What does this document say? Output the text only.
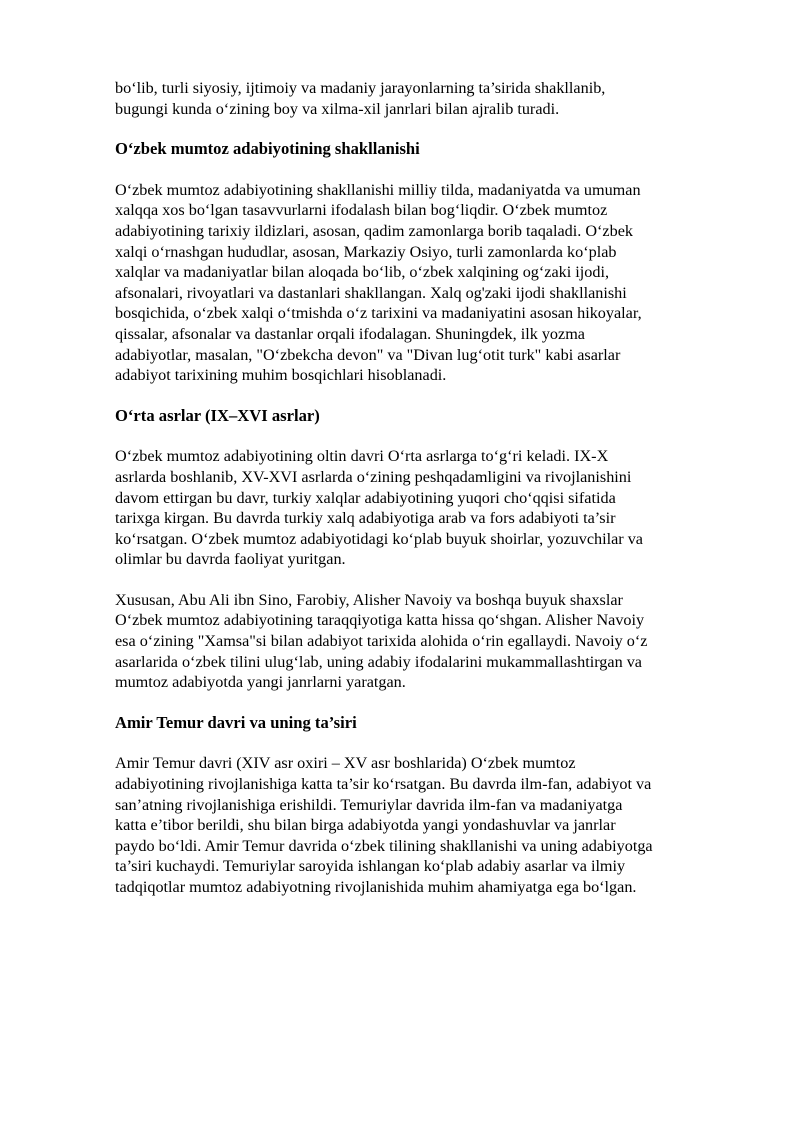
bo‘lib, turli siyosiy, ijtimoiy va madaniy jarayonlarning ta’sirida shakllanib,
bugungi kunda o‘zining boy va xilma-xil janrlari bilan ajralib turadi.

O‘zbek mumtoz adabiyotining shakllanishi

O‘zbek mumtoz adabiyotining shakllanishi milliy tilda, madaniyatda va umuman
xalqqa xos bo‘lgan tasavvurlarni ifodalash bilan bog‘liqdir. O‘zbek mumtoz
adabiyotining tarixiy ildizlari, asosan, qadim zamonlarga borib taqaladi. O‘zbek
xalqi o‘rnashgan hududlar, asosan, Markaziy Osiyo, turli zamonlarda ko‘plab
xalqlar va madaniyatlar bilan aloqada bo‘lib, o‘zbek xalqining og‘zaki ijodi,
afsonalari, rivoyatlari va dastanlari shakllangan. Xalq og'zaki ijodi shakllanishi
bosqichida, o‘zbek xalqi o‘tmishda o‘z tarixini va madaniyatini asosan hikoyalar,
qissalar, afsonalar va dastanlar orqali ifodalagan. Shuningdek, ilk yozma
adabiyotlar, masalan, "O‘zbekcha devon" va "Divan lug‘otit turk" kabi asarlar
adabiyot tarixining muhim bosqichlari hisoblanadi.

O‘rta asrlar (IX–XVI asrlar)

O‘zbek mumtoz adabiyotining oltin davri O‘rta asrlarga to‘g‘ri keladi. IX-X
asrlarda boshlanib, XV-XVI asrlarda o‘zining peshqadamligini va rivojlanishini
davom ettirgan bu davr, turkiy xalqlar adabiyotining yuqori cho‘qqisi sifatida
tarixga kirgan. Bu davrda turkiy xalq adabiyotiga arab va fors adabiyoti ta’sir
ko‘rsatgan. O‘zbek mumtoz adabiyotidagi ko‘plab buyuk shoirlar, yozuvchilar va
olimlar bu davrda faoliyat yuritgan.

Xususan, Abu Ali ibn Sino, Farobiy, Alisher Navoiy va boshqa buyuk shaxslar
O‘zbek mumtoz adabiyotining taraqqiyotiga katta hissa qo‘shgan. Alisher Navoiy
esa o‘zining "Xamsa"si bilan adabiyot tarixida alohida o‘rin egallaydi. Navoiy o‘z
asarlarida o‘zbek tilini ulug‘lab, uning adabiy ifodalarini mukammallashtirgan va
mumtoz adabiyotda yangi janrlarni yaratgan.

Amir Temur davri va uning ta’siri

Amir Temur davri (XIV asr oxiri – XV asr boshlarida) O‘zbek mumtoz
adabiyotining rivojlanishiga katta ta’sir ko‘rsatgan. Bu davrda ilm-fan, adabiyot va
san’atning rivojlanishiga erishildi. Temuriylar davrida ilm-fan va madaniyatga
katta e’tibor berildi, shu bilan birga adabiyotda yangi yondashuvlar va janrlar
paydo bo‘ldi. Amir Temur davrida o‘zbek tilining shakllanishi va uning adabiyotga
ta’siri kuchaydi. Temuriylar saroyida ishlangan ko‘plab adabiy asarlar va ilmiy
tadqiqotlar mumtoz adabiyotning rivojlanishida muhim ahamiyatga ega bo‘lgan.
